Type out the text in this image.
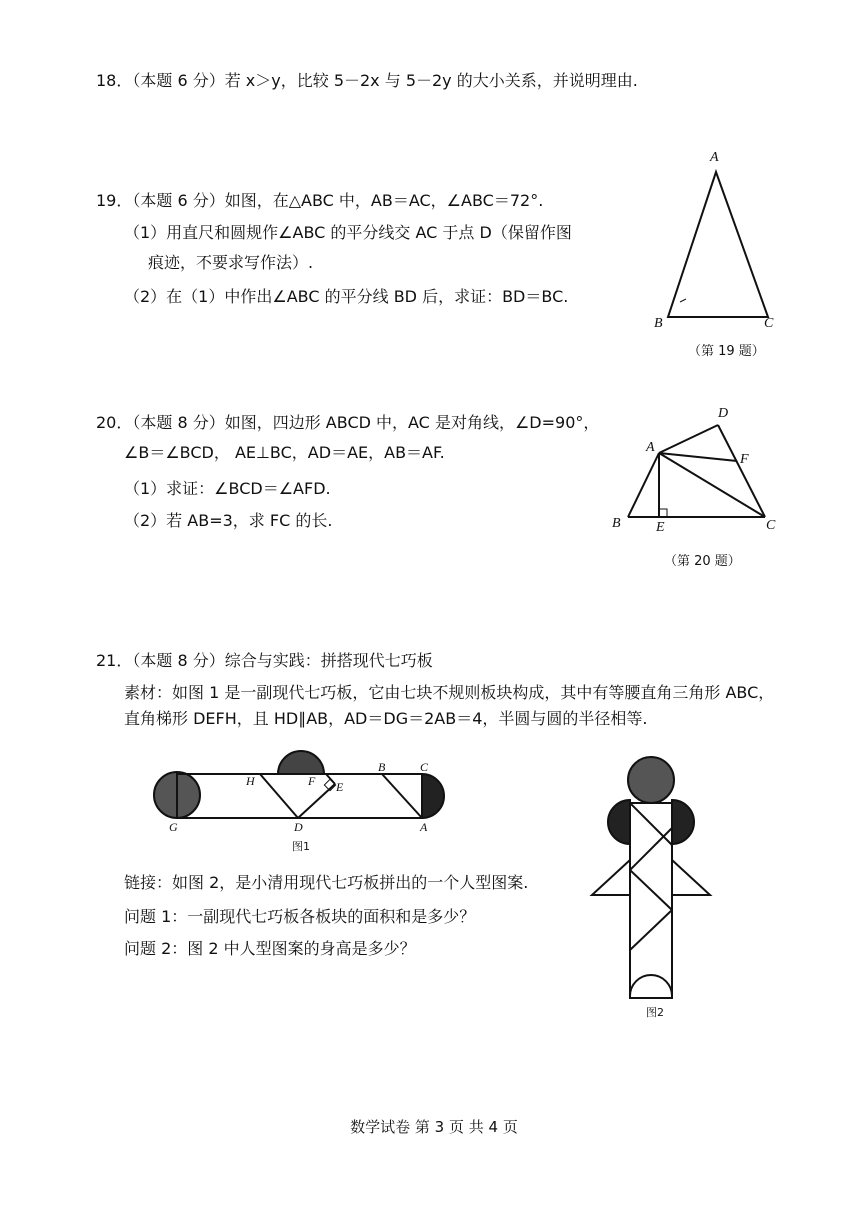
18．（本题 6 分）若 x＞y，比较 5－2x 与 5－2y 的大小关系，并说明理由.
19．（本题 6 分）如图，在△ABC 中，AB＝AC，∠ABC＝72°.
（1）用直尺和圆规作∠ABC 的平分线交 AC 于点 D（保留作图
痕迹，不要求写作法）.
（2）在（1）中作出∠ABC 的平分线 BD 后，求证：BD＝BC.
A
B	C
（第 19 题）
20．（本题 8 分）如图，四边形 ABCD 中，AC 是对角线，∠D=90°，
∠B＝∠BCD， AE⊥BC，AD＝AE，AB＝AF.
（1）求证：∠BCD＝∠AFD.
（2）若 AB=3，求 FC 的长.
D
A
F
B	E	C
（第 20 题）
21．（本题 8 分）综合与实践：拼搭现代七巧板
素材：如图 1 是一副现代七巧板，它由七块不规则板块构成，其中有等腰直角三角形 ABC，
直角梯形 DEFH，且 HD∥AB，AD＝DG＝2AB＝4，半圆与圆的半径相等.
G
H	F E
D
B	C
A
图1
链接：如图 2，是小清用现代七巧板拼出的一个人型图案.
问题 1：一副现代七巧板各板块的面积和是多少？
问题 2：图 2 中人型图案的身高是多少？
图2
数学试卷 第 3 页 共 4 页
